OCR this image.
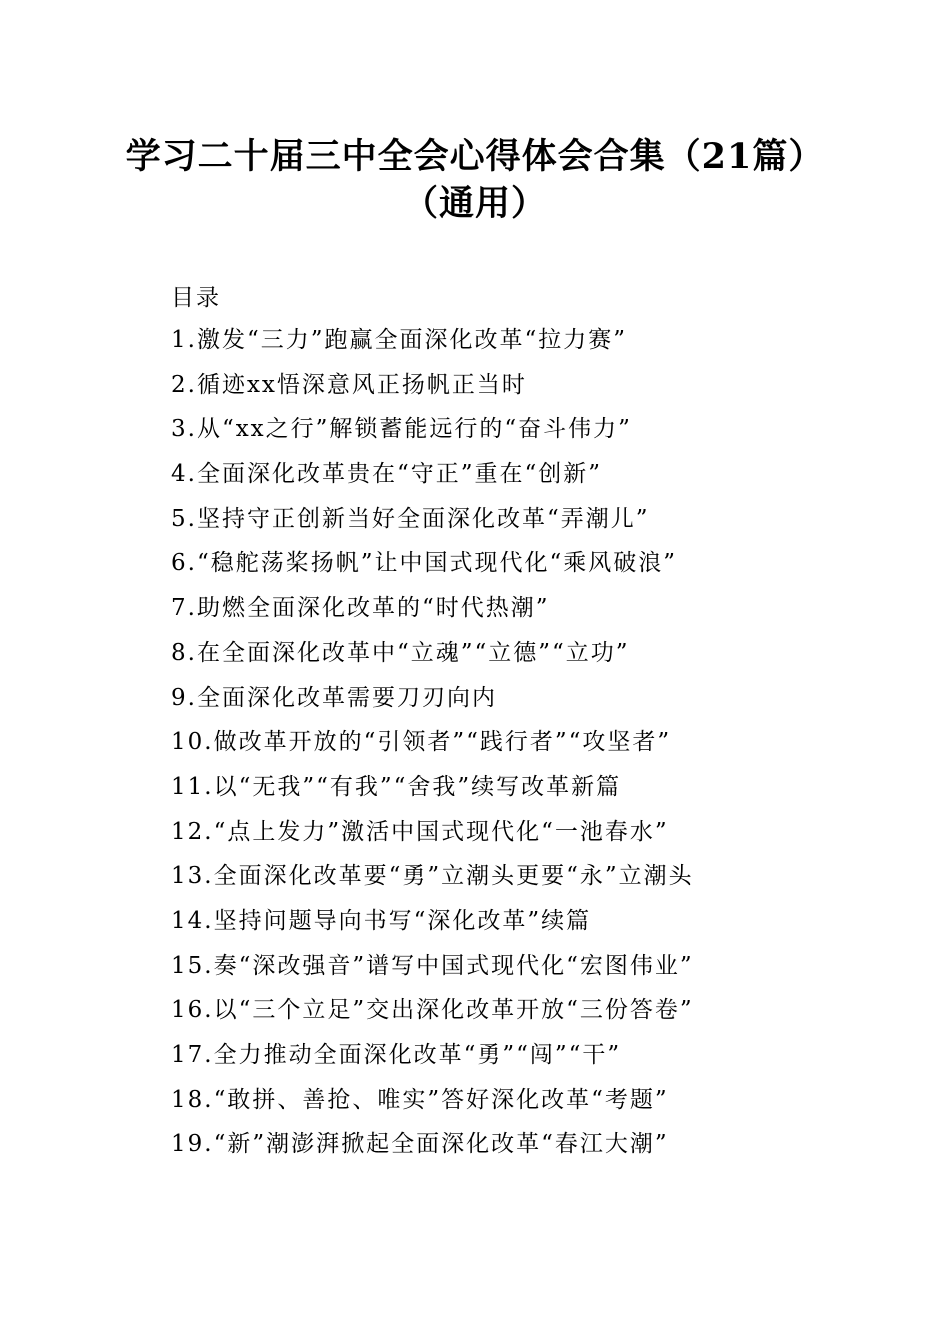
学习二十届三中全会心得体会合集（21篇）
（通用）
目录
1.激发“三力”跑赢全面深化改革“拉力赛”
2.循迹xx悟深意风正扬帆正当时
3.从“xx之行”解锁蓄能远行的“奋斗伟力”
4.全面深化改革贵在“守正”重在“创新”
5.坚持守正创新当好全面深化改革“弄潮儿”
6.“稳舵荡桨扬帆”让中国式现代化“乘风破浪”
7.助燃全面深化改革的“时代热潮”
8.在全面深化改革中“立魂”“立德”“立功”
9.全面深化改革需要刀刃向内
10.做改革开放的“引领者”“践行者”“攻坚者”
11.以“无我”“有我”“舍我”续写改革新篇
12.“点上发力”激活中国式现代化“一池春水”
13.全面深化改革要“勇”立潮头更要“永”立潮头
14.坚持问题导向书写“深化改革”续篇
15.奏“深改强音”谱写中国式现代化“宏图伟业”
16.以“三个立足”交出深化改革开放“三份答卷”
17.全力推动全面深化改革“勇”“闯”“干”
18.“敢拼、善抢、唯实”答好深化改革“考题”
19.“新”潮澎湃掀起全面深化改革“春江大潮”
